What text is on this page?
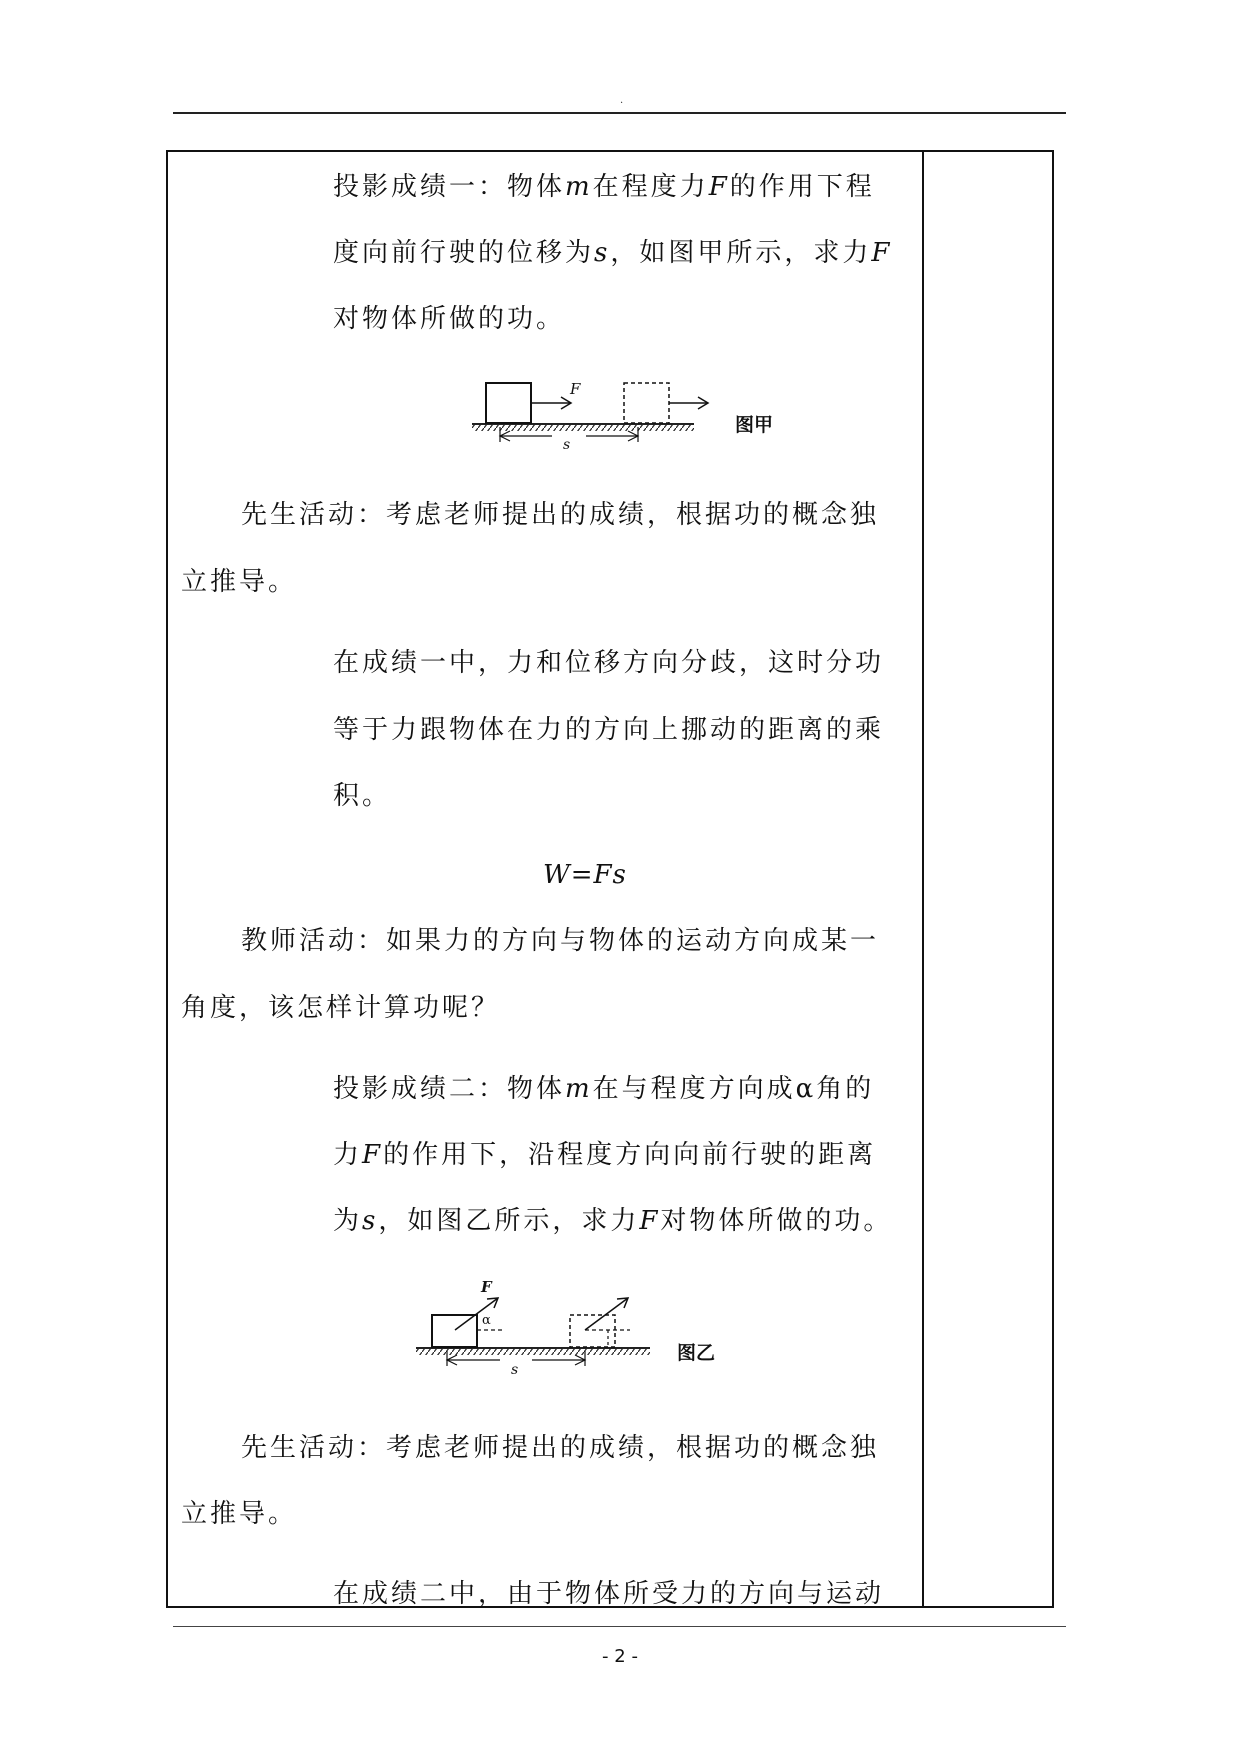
.
投影成绩一：物体m在程度力F的作用下程
度向前行驶的位移为s，如图甲所示，求力F
对物体所做的功。
F
s
图甲
先生活动：考虑老师提出的成绩，根据功的概念独
立推导。
在成绩一中，力和位移方向分歧，这时分功
等于力跟物体在力的方向上挪动的距离的乘
积。
W=Fs
教师活动：如果力的方向与物体的运动方向成某一
角度，该怎样计算功呢？
投影成绩二：物体m在与程度方向成α角的
力F的作用下，沿程度方向向前行驶的距离
为s，如图乙所示，求力F对物体所做的功。
F
α
s
图乙
先生活动：考虑老师提出的成绩，根据功的概念独
立推导。
在成绩二中，由于物体所受力的方向与运动
- 2 -
